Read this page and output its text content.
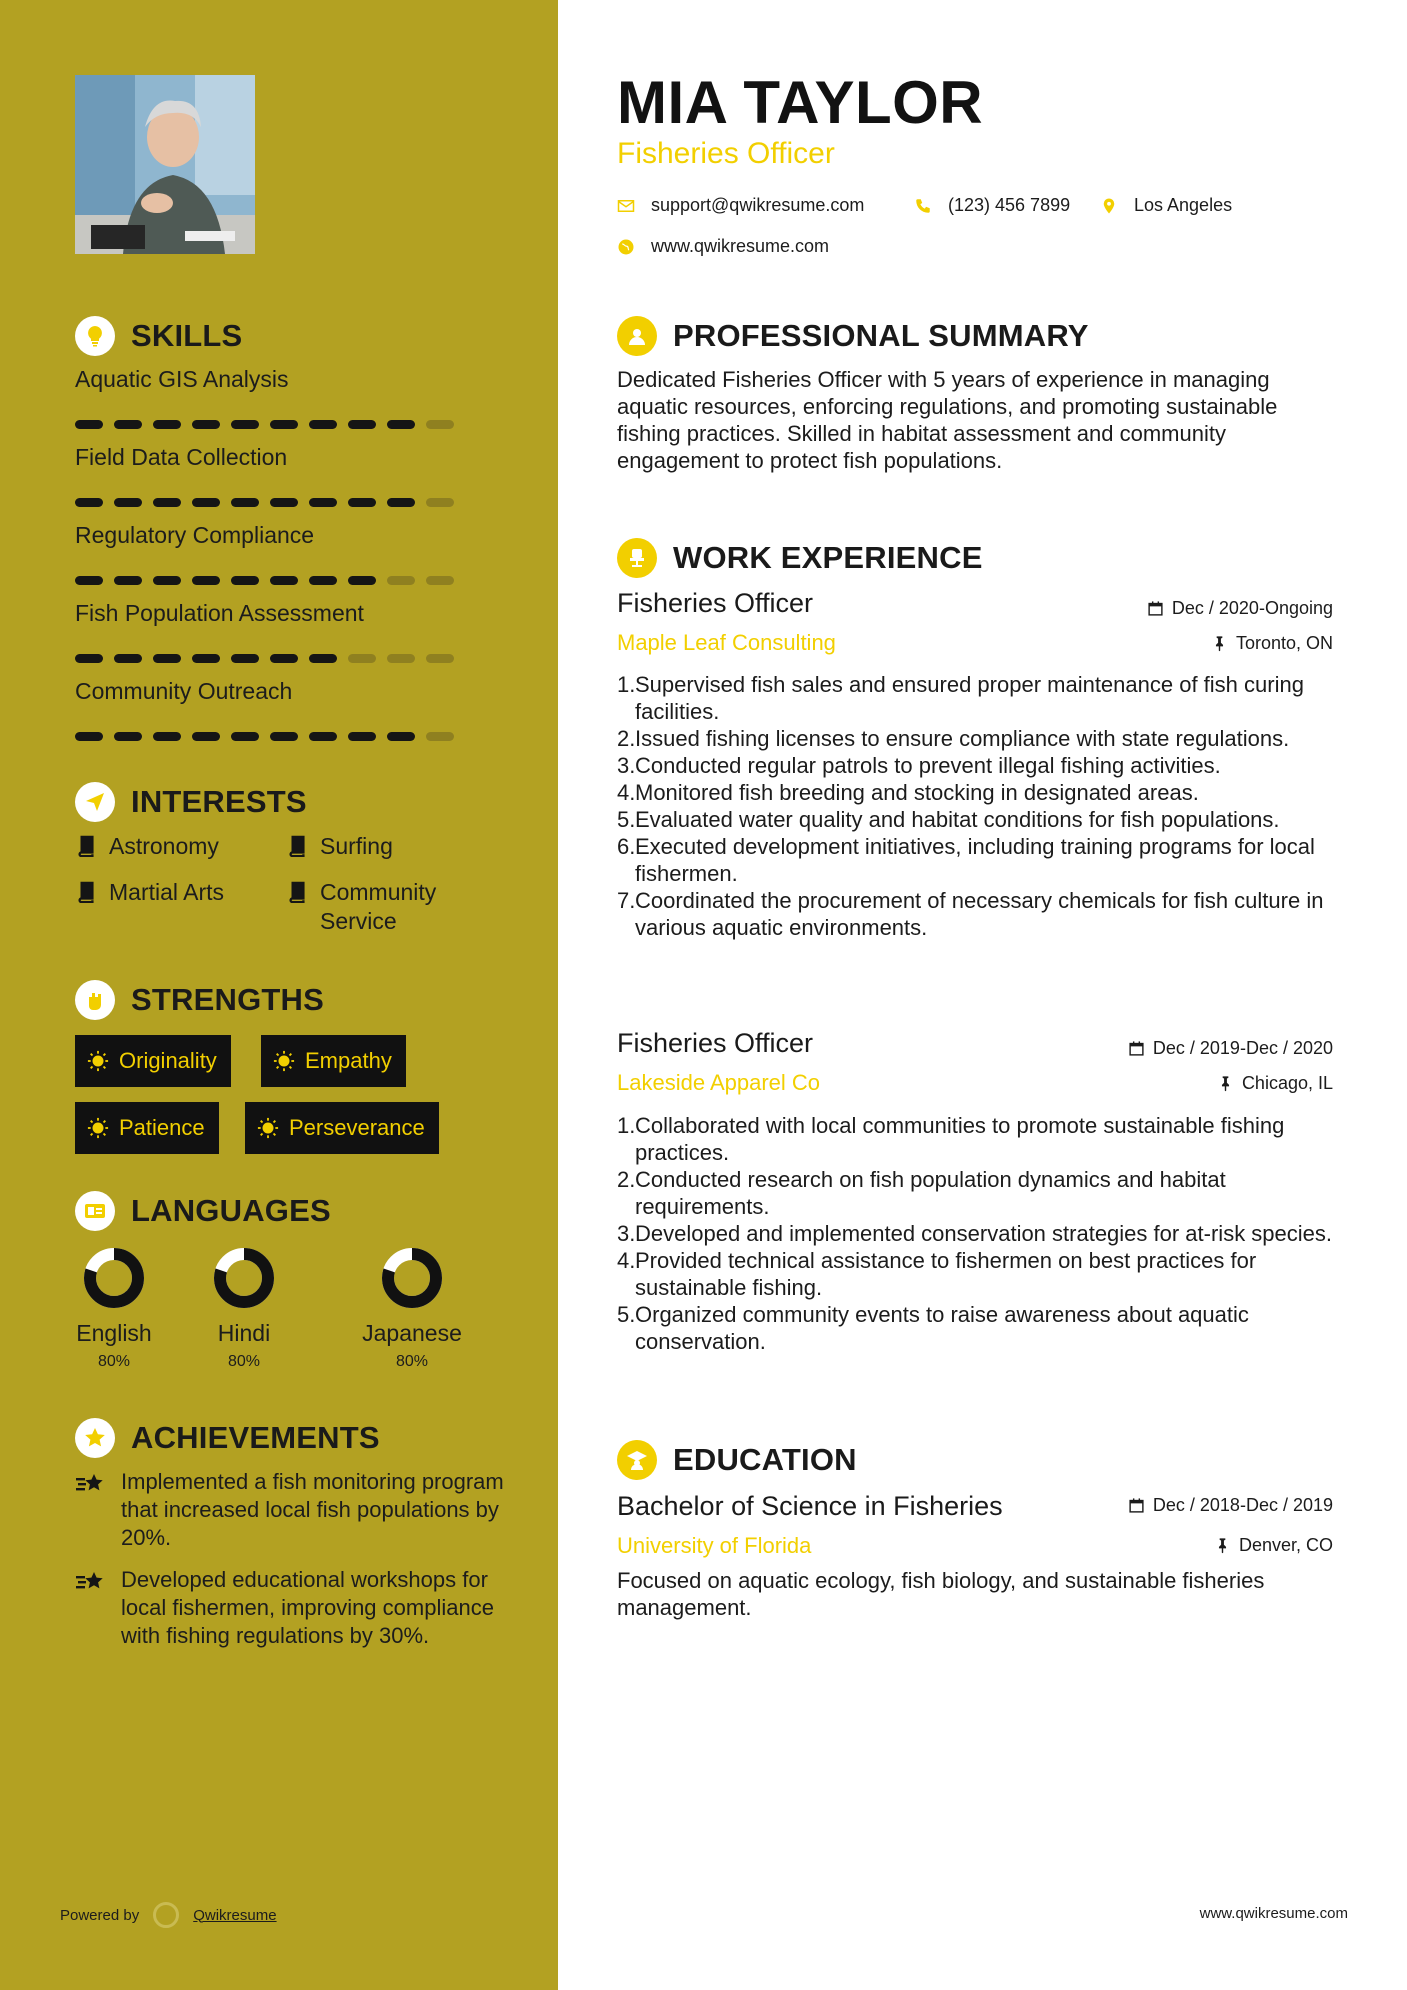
SKILLS
Aquatic GIS Analysis
Field Data Collection
Regulatory Compliance
Fish Population Assessment
Community Outreach
INTERESTS
Astronomy	Surfing
Martial Arts	Community Service
STRENGTHS
Originality	Empathy
Patience	Perseverance
LANGUAGES
English
80%
Hindi
80%
Japanese
80%
ACHIEVEMENTS
Implemented a fish monitoring program that increased local fish populations by 20%.
Developed educational workshops for local fishermen, improving compliance with fishing regulations by 30%.
Powered by	Qwikresume
MIA TAYLOR
Fisheries Officer
support@qwikresume.com	(123) 456 7899	Los Angeles
www.qwikresume.com
PROFESSIONAL SUMMARY
Dedicated Fisheries Officer with 5 years of experience in managing aquatic resources, enforcing regulations, and promoting sustainable fishing practices. Skilled in habitat assessment and community engagement to protect fish populations.
WORK EXPERIENCE
Fisheries Officer
Maple Leaf Consulting
Dec / 2020-Ongoing
Toronto, ON
Supervised fish sales and ensured proper maintenance of fish curing facilities.
Issued fishing licenses to ensure compliance with state regulations.
Conducted regular patrols to prevent illegal fishing activities.
Monitored fish breeding and stocking in designated areas.
Evaluated water quality and habitat conditions for fish populations.
Executed development initiatives, including training programs for local fishermen.
Coordinated the procurement of necessary chemicals for fish culture in various aquatic environments.
Fisheries Officer
Lakeside Apparel Co
Dec / 2019-Dec / 2020
Chicago, IL
Collaborated with local communities to promote sustainable fishing practices.
Conducted research on fish population dynamics and habitat requirements.
Developed and implemented conservation strategies for at-risk species.
Provided technical assistance to fishermen on best practices for sustainable fishing.
Organized community events to raise awareness about aquatic conservation.
EDUCATION
Bachelor of Science in Fisheries
University of Florida
Dec / 2018-Dec / 2019
Denver, CO
Focused on aquatic ecology, fish biology, and sustainable fisheries management.
www.qwikresume.com
